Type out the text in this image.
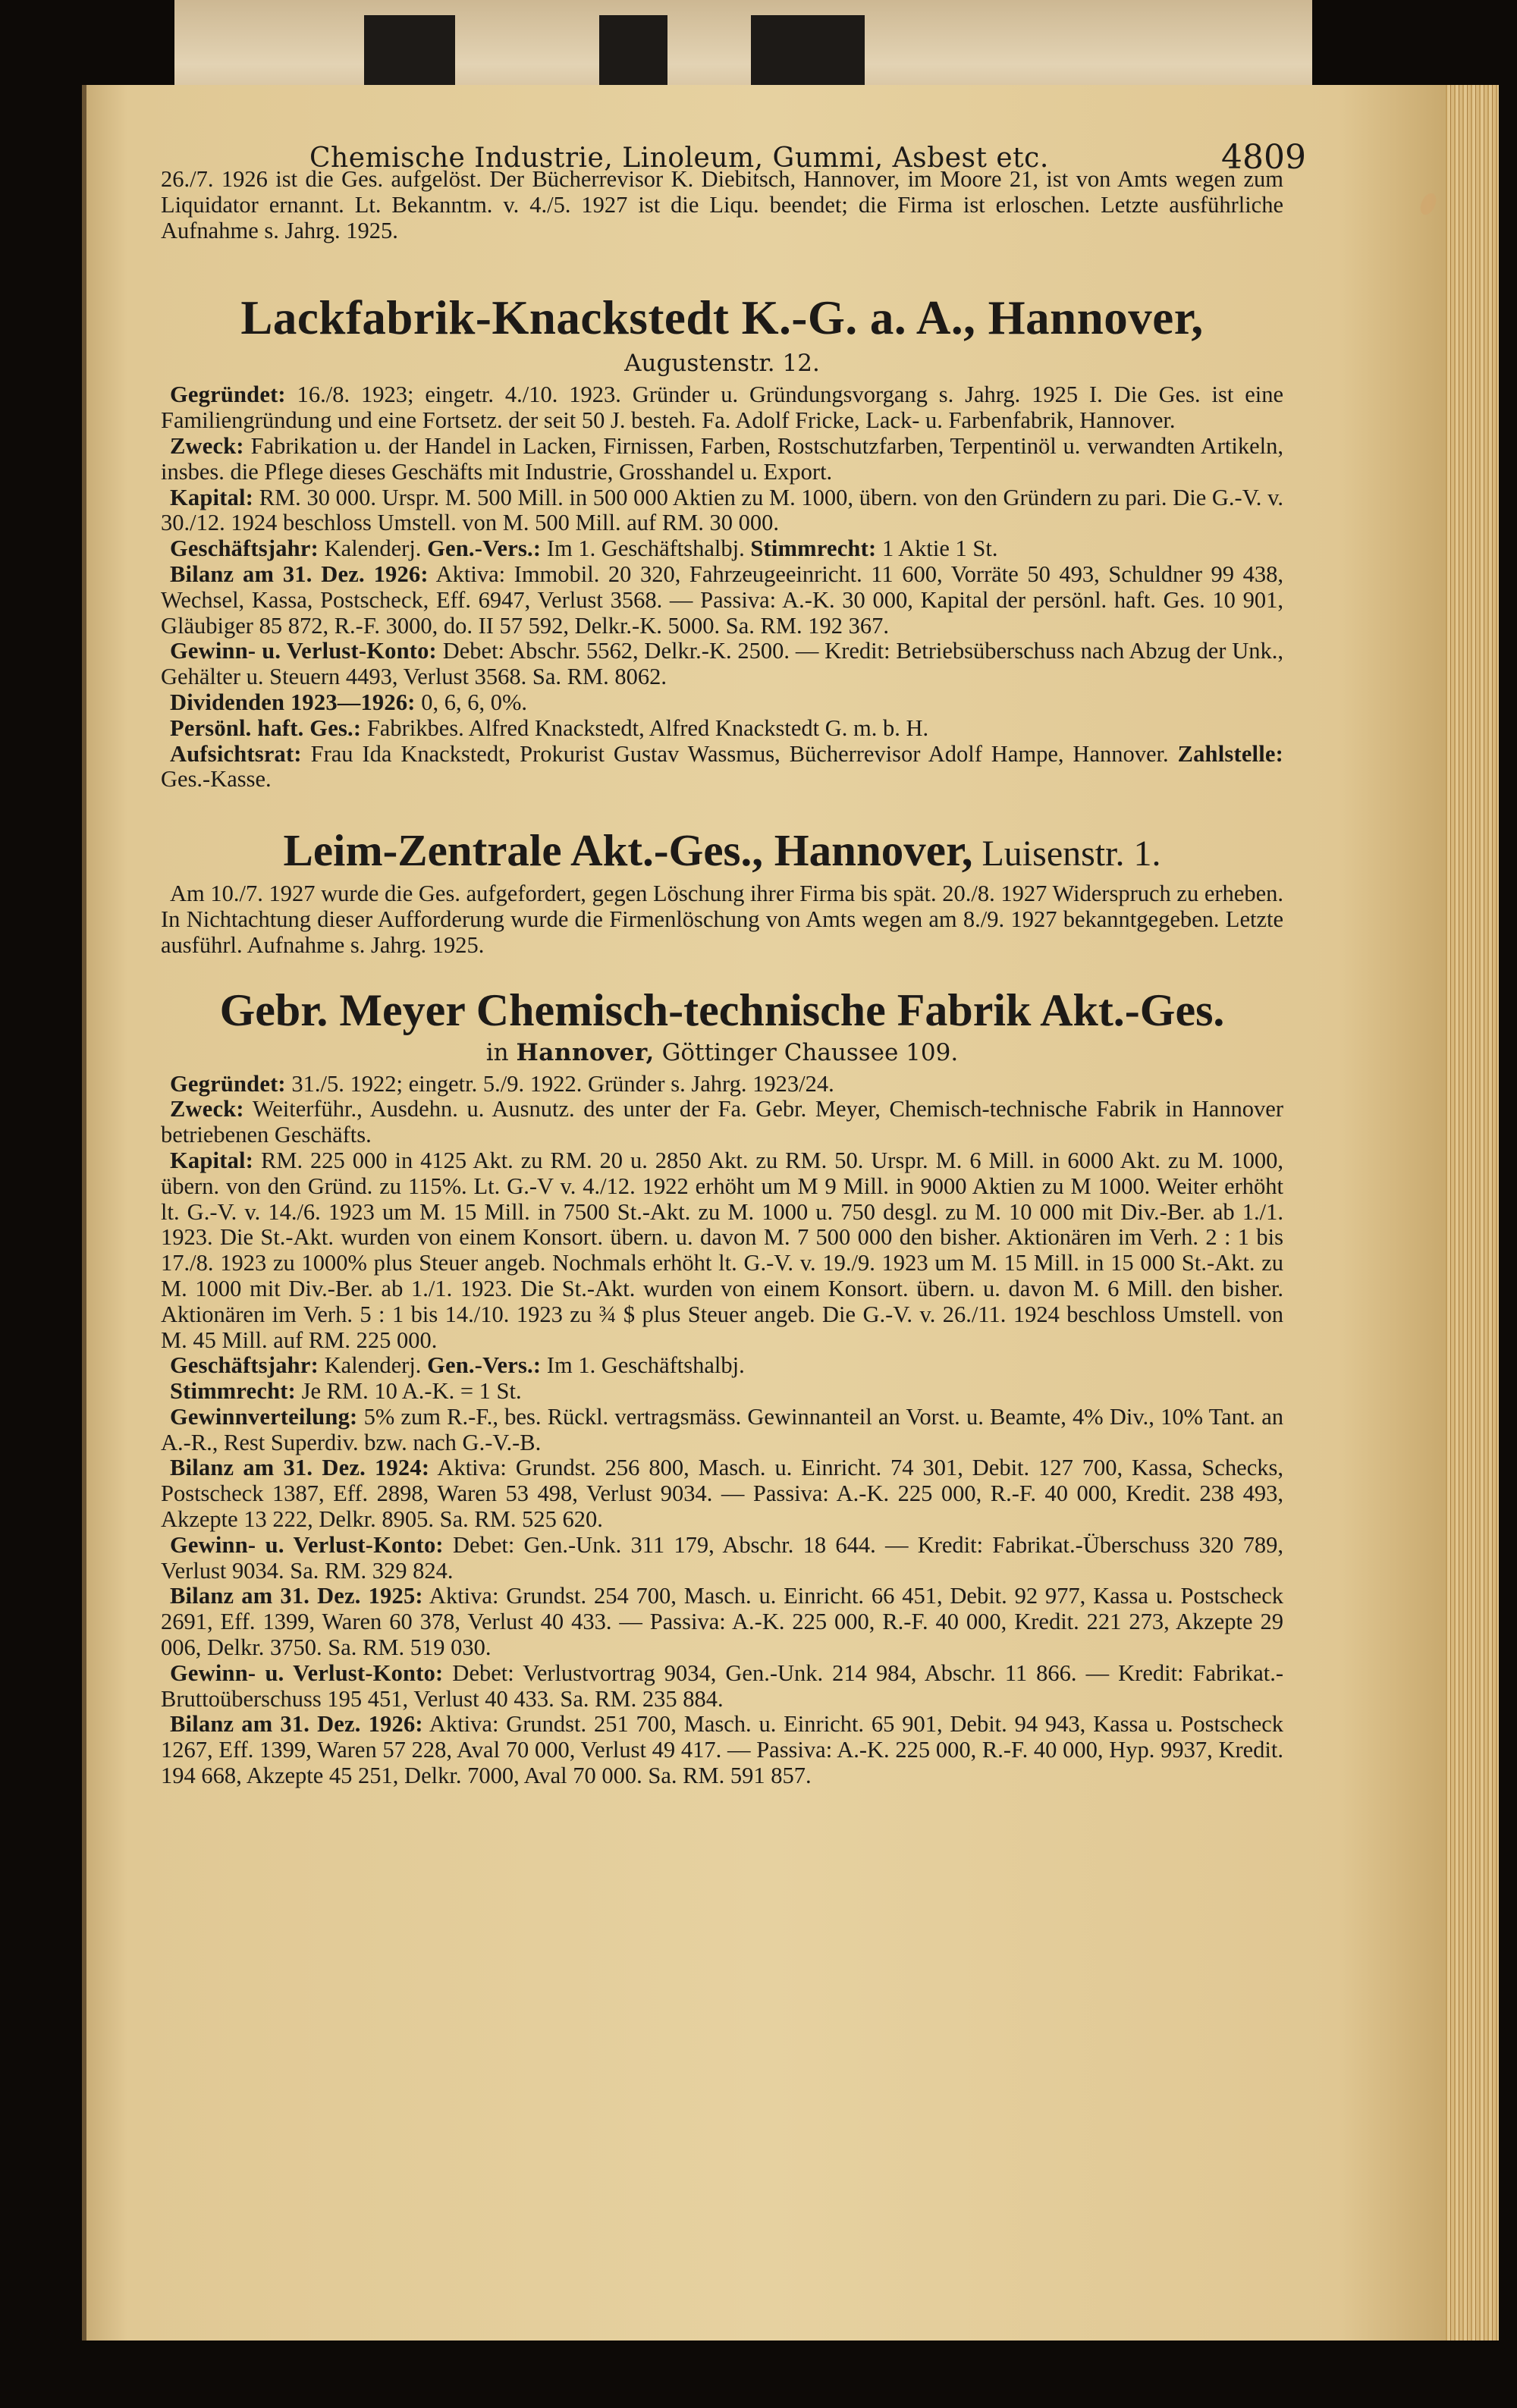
Chemische Industrie, Linoleum, Gummi, Asbest etc.	4809

26./7. 1926 ist die Ges. aufgelöst. Der Bücherrevisor K. Diebitsch, Hannover, im Moore 21, ist von Amts wegen zum Liquidator ernannt. Lt. Bekanntm. v. 4./5. 1927 ist die Liqu. beendet; die Firma ist erloschen. Letzte ausführliche Aufnahme s. Jahrg. 1925.

Lackfabrik-Knackstedt K.-G. a. A., Hannover,
Augustenstr. 12.

Gegründet: 16./8. 1923; eingetr. 4./10. 1923. Gründer u. Gründungsvorgang s. Jahrg. 1925 I. Die Ges. ist eine Familiengründung und eine Fortsetz. der seit 50 J. besteh. Fa. Adolf Fricke, Lack- u. Farbenfabrik, Hannover.

Zweck: Fabrikation u. der Handel in Lacken, Firnissen, Farben, Rostschutzfarben, Terpentinöl u. verwandten Artikeln, insbes. die Pflege dieses Geschäfts mit Industrie, Grosshandel u. Export.

Kapital: RM. 30 000. Urspr. M. 500 Mill. in 500 000 Aktien zu M. 1000, übern. von den Gründern zu pari. Die G.-V. v. 30./12. 1924 beschloss Umstell. von M. 500 Mill. auf RM. 30 000.

Geschäftsjahr: Kalenderj. Gen.-Vers.: Im 1. Geschäftshalbj. Stimmrecht: 1 Aktie 1 St.

Bilanz am 31. Dez. 1926: Aktiva: Immobil. 20 320, Fahrzeugeeinricht. 11 600, Vorräte 50 493, Schuldner 99 438, Wechsel, Kassa, Postscheck, Eff. 6947, Verlust 3568. — Passiva: A.-K. 30 000, Kapital der persönl. haft. Ges. 10 901, Gläubiger 85 872, R.-F. 3000, do. II 57 592, Delkr.-K. 5000. Sa. RM. 192 367.

Gewinn- u. Verlust-Konto: Debet: Abschr. 5562, Delkr.-K. 2500. — Kredit: Betriebsüberschuss nach Abzug der Unk., Gehälter u. Steuern 4493, Verlust 3568. Sa. RM. 8062.

Dividenden 1923—1926: 0, 6, 6, 0%.

Persönl. haft. Ges.: Fabrikbes. Alfred Knackstedt, Alfred Knackstedt G. m. b. H.

Aufsichtsrat: Frau Ida Knackstedt, Prokurist Gustav Wassmus, Bücherrevisor Adolf Hampe, Hannover. Zahlstelle: Ges.-Kasse.

Leim-Zentrale Akt.-Ges., Hannover, Luisenstr. 1.

Am 10./7. 1927 wurde die Ges. aufgefordert, gegen Löschung ihrer Firma bis spät. 20./8. 1927 Widerspruch zu erheben. In Nichtachtung dieser Aufforderung wurde die Firmenlöschung von Amts wegen am 8./9. 1927 bekanntgegeben. Letzte ausführl. Aufnahme s. Jahrg. 1925.

Gebr. Meyer Chemisch-technische Fabrik Akt.-Ges.
in Hannover, Göttinger Chaussee 109.

Gegründet: 31./5. 1922; eingetr. 5./9. 1922. Gründer s. Jahrg. 1923/24.

Zweck: Weiterführ., Ausdehn. u. Ausnutz. des unter der Fa. Gebr. Meyer, Chemisch-technische Fabrik in Hannover betriebenen Geschäfts.

Kapital: RM. 225 000 in 4125 Akt. zu RM. 20 u. 2850 Akt. zu RM. 50. Urspr. M. 6 Mill. in 6000 Akt. zu M. 1000, übern. von den Gründ. zu 115%. Lt. G.-V v. 4./12. 1922 erhöht um M 9 Mill. in 9000 Aktien zu M 1000. Weiter erhöht lt. G.-V. v. 14./6. 1923 um M. 15 Mill. in 7500 St.-Akt. zu M. 1000 u. 750 desgl. zu M. 10 000 mit Div.-Ber. ab 1./1. 1923. Die St.-Akt. wurden von einem Konsort. übern. u. davon M. 7 500 000 den bisher. Aktionären im Verh. 2 : 1 bis 17./8. 1923 zu 1000% plus Steuer angeb. Nochmals erhöht lt. G.-V. v. 19./9. 1923 um M. 15 Mill. in 15 000 St.-Akt. zu M. 1000 mit Div.-Ber. ab 1./1. 1923. Die St.-Akt. wurden von einem Konsort. übern. u. davon M. 6 Mill. den bisher. Aktionären im Verh. 5 : 1 bis 14./10. 1923 zu ¾ $ plus Steuer angeb. Die G.-V. v. 26./11. 1924 beschloss Umstell. von M. 45 Mill. auf RM. 225 000.

Geschäftsjahr: Kalenderj. Gen.-Vers.: Im 1. Geschäftshalbj.

Stimmrecht: Je RM. 10 A.-K. = 1 St.

Gewinnverteilung: 5% zum R.-F., bes. Rückl. vertragsmäss. Gewinnanteil an Vorst. u. Beamte, 4% Div., 10% Tant. an A.-R., Rest Superdiv. bzw. nach G.-V.-B.

Bilanz am 31. Dez. 1924: Aktiva: Grundst. 256 800, Masch. u. Einricht. 74 301, Debit. 127 700, Kassa, Schecks, Postscheck 1387, Eff. 2898, Waren 53 498, Verlust 9034. — Passiva: A.-K. 225 000, R.-F. 40 000, Kredit. 238 493, Akzepte 13 222, Delkr. 8905. Sa. RM. 525 620.

Gewinn- u. Verlust-Konto: Debet: Gen.-Unk. 311 179, Abschr. 18 644. — Kredit: Fabrikat.-Überschuss 320 789, Verlust 9034. Sa. RM. 329 824.

Bilanz am 31. Dez. 1925: Aktiva: Grundst. 254 700, Masch. u. Einricht. 66 451, Debit. 92 977, Kassa u. Postscheck 2691, Eff. 1399, Waren 60 378, Verlust 40 433. — Passiva: A.-K. 225 000, R.-F. 40 000, Kredit. 221 273, Akzepte 29 006, Delkr. 3750. Sa. RM. 519 030.

Gewinn- u. Verlust-Konto: Debet: Verlustvortrag 9034, Gen.-Unk. 214 984, Abschr. 11 866. — Kredit: Fabrikat.-Bruttoüberschuss 195 451, Verlust 40 433. Sa. RM. 235 884.

Bilanz am 31. Dez. 1926: Aktiva: Grundst. 251 700, Masch. u. Einricht. 65 901, Debit. 94 943, Kassa u. Postscheck 1267, Eff. 1399, Waren 57 228, Aval 70 000, Verlust 49 417. — Passiva: A.-K. 225 000, R.-F. 40 000, Hyp. 9937, Kredit. 194 668, Akzepte 45 251, Delkr. 7000, Aval 70 000. Sa. RM. 591 857.
